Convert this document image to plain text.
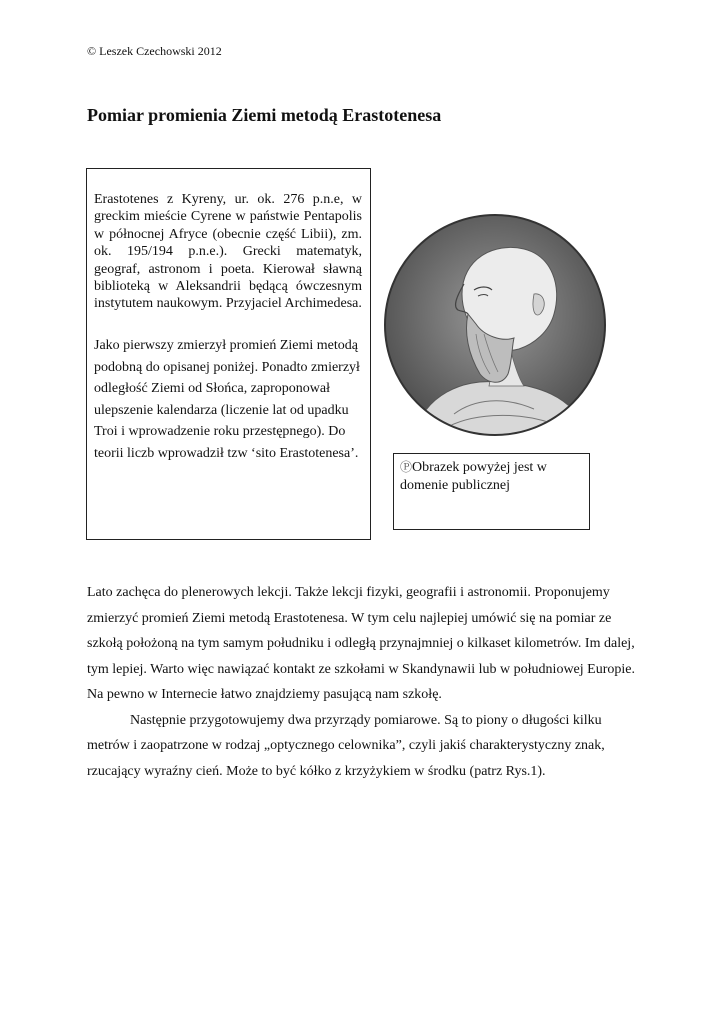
© Leszek Czechowski 2012
Pomiar promienia Ziemi metodą Erastotenesa

Erastotenes z Kyreny, ur. ok. 276 p.n.e, w greckim mieście Cyrene w państwie Pentapolis w północnej Afryce (obecnie część Libii), zm. ok. 195/194 p.n.e.). Grecki matematyk, geograf, astronom i poeta. Kierował sławną biblioteką w Aleksandrii będącą ówczesnym instytutem naukowym. Przyjaciel Archimedesa.

Jako pierwszy zmierzył promień Ziemi metodą podobną do opisanej poniżej. Ponadto zmierzył odległość Ziemi od Słońca, zaproponował ulepszenie kalendarza (liczenie lat od upadku Troi i wprowadzenie roku przestępnego). Do teorii liczb wprowadził tzw ‘sito Erastotenesa’.

ⓅObrazek powyżej jest w domenie publicznej

Lato zachęca do plenerowych lekcji. Także lekcji fizyki, geografii i astronomii. Proponujemy zmierzyć promień Ziemi metodą Erastotenesa. W tym celu najlepiej umówić się na pomiar ze szkołą położoną na tym samym południku i odległą przynajmniej o kilkaset kilometrów. Im dalej, tym lepiej. Warto więc nawiązać kontakt ze szkołami w Skandynawii lub w południowej Europie. Na pewno w Internecie łatwo znajdziemy pasującą nam szkołę.

Następnie przygotowujemy dwa przyrządy pomiarowe. Są to piony o długości kilku metrów i zaopatrzone w rodzaj „optycznego celownika”, czyli jakiś charakterystyczny znak, rzucający wyraźny cień. Może to być kółko z krzyżykiem w środku (patrz Rys.1).
